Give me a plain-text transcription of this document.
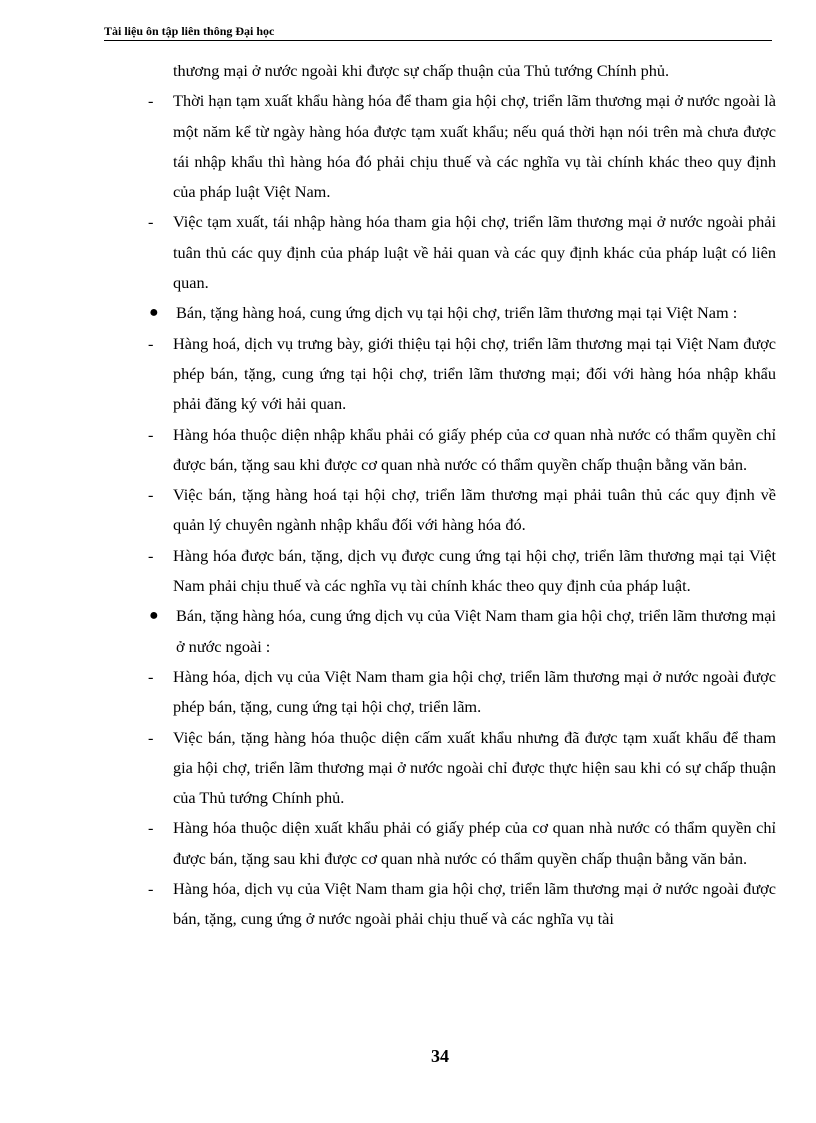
Tài liệu ôn tập liên thông Đại học

thương mại ở nước ngoài khi được sự chấp thuận của Thủ tướng Chính phủ.

-	Thời hạn tạm xuất khẩu hàng hóa để tham gia hội chợ, triển lãm thương mại ở nước ngoài là một năm kể từ ngày hàng hóa được tạm xuất khẩu; nếu quá thời hạn nói trên mà chưa được tái nhập khẩu thì hàng hóa đó phải chịu thuế và các nghĩa vụ tài chính khác theo quy định của pháp luật Việt Nam.

-	Việc tạm xuất, tái nhập hàng hóa tham gia hội chợ, triển lãm thương mại ở nước ngoài phải tuân thủ các quy định của pháp luật về hải quan và các quy định khác của pháp luật có liên quan.

●	Bán, tặng hàng hoá, cung ứng dịch vụ tại hội chợ, triển lãm thương mại tại Việt Nam :

-	Hàng hoá, dịch vụ trưng bày, giới thiệu tại hội chợ, triển lãm thương mại tại Việt Nam được phép bán, tặng, cung ứng tại hội chợ, triển lãm thương mại; đối với hàng hóa nhập khẩu phải đăng ký với hải quan.

-	Hàng hóa thuộc diện nhập khẩu phải có giấy phép của cơ quan nhà nước có thẩm quyền chỉ được bán, tặng sau khi được cơ quan nhà nước có thẩm quyền chấp thuận bằng văn bản.

-	Việc bán, tặng hàng hoá tại hội chợ, triển lãm thương mại phải tuân thủ các quy định về quản lý chuyên ngành nhập khẩu đối với hàng hóa đó.

-	Hàng hóa được bán, tặng, dịch vụ được cung ứng tại hội chợ, triển lãm thương mại tại Việt Nam phải chịu thuế và các nghĩa vụ tài chính khác theo quy định của pháp luật.

●	Bán, tặng hàng hóa, cung ứng dịch vụ của Việt Nam tham gia hội chợ, triển lãm thương mại ở nước ngoài :

-	Hàng hóa, dịch vụ của Việt Nam tham gia hội chợ, triển lãm thương mại ở nước ngoài được phép bán, tặng, cung ứng tại hội chợ, triển lãm.

-	Việc bán, tặng hàng hóa thuộc diện cấm xuất khẩu nhưng đã được tạm xuất khẩu để tham gia hội chợ, triển lãm thương mại ở nước ngoài chỉ được thực hiện sau khi có sự chấp thuận của Thủ tướng Chính phủ.

-	Hàng hóa thuộc diện xuất khẩu phải có giấy phép của cơ quan nhà nước có thẩm quyền chỉ được bán, tặng sau khi được cơ quan nhà nước có thẩm quyền chấp thuận bằng văn bản.

-	Hàng hóa, dịch vụ của Việt Nam tham gia hội chợ, triển lãm thương mại ở nước ngoài được bán, tặng, cung ứng ở nước ngoài phải chịu thuế và các nghĩa vụ tài

34
